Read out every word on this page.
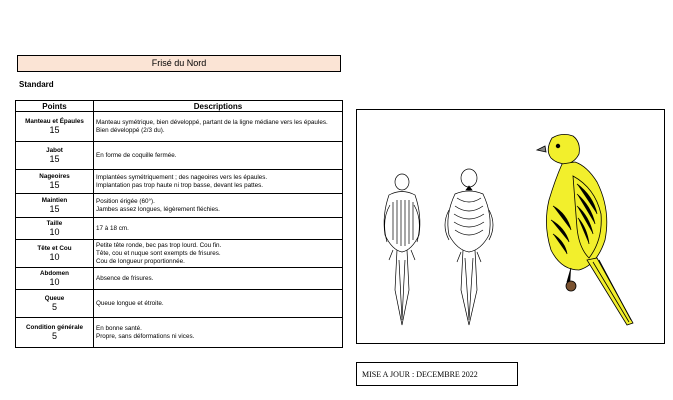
Frisé du Nord
Standard
Points	Descriptions

Manteau et Épaules
15	Manteau symétrique, bien développé, partant de la ligne médiane vers les épaules.
Bien développé (2/3 du).

Jabot
15	En forme de coquille fermée.

Nageoires
15	Implantées symétriquement ; des nageoires vers les épaules.
Implantation pas trop haute ni trop basse, devant les pattes.

Maintien
15	Position érigée (60°).
Jambes assez longues, légèrement fléchies.

Taille
10	17 à 18 cm.

Tête et Cou
10	Petite tête ronde, bec pas trop lourd. Cou fin.
Tête, cou et nuque sont exempts de frisures.
Cou de longueur proportionnée.

Abdomen
10	Absence de frisures.

Queue
5	Queue longue et étroite.

Condition générale
5	En bonne santé.
Propre, sans déformations ni vices.
MISE A JOUR : DECEMBRE 2022
